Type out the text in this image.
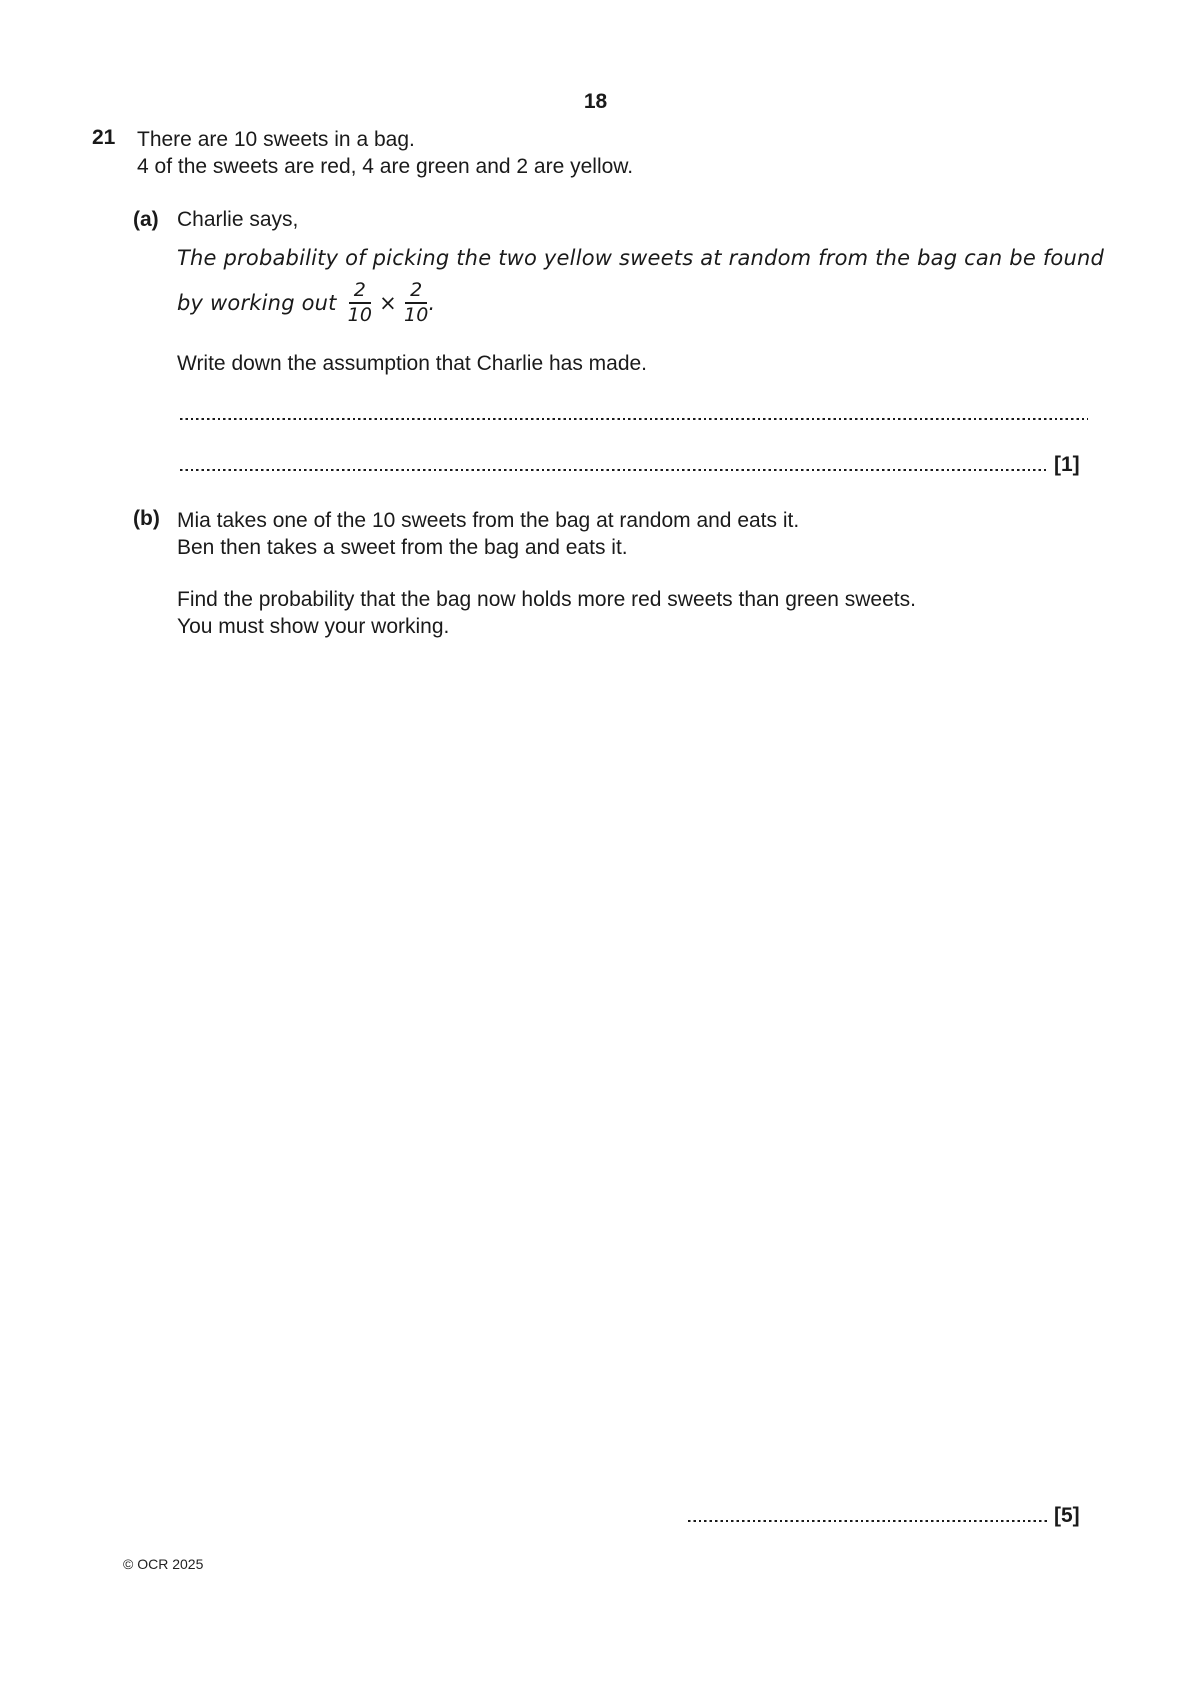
18
21 There are 10 sweets in a bag.
4 of the sweets are red, 4 are green and 2 are yellow.
(a) Charlie says,
The probability of picking the two yellow sweets at random from the bag can be found
by working out $\frac{2}{10} \times \frac{2}{10}$ .
Write down the assumption that Charlie has made.
[1]
(b) Mia takes one of the 10 sweets from the bag at random and eats it.
Ben then takes a sweet from the bag and eats it.
Find the probability that the bag now holds more red sweets than green sweets.
You must show your working.
[5]
© OCR 2025
